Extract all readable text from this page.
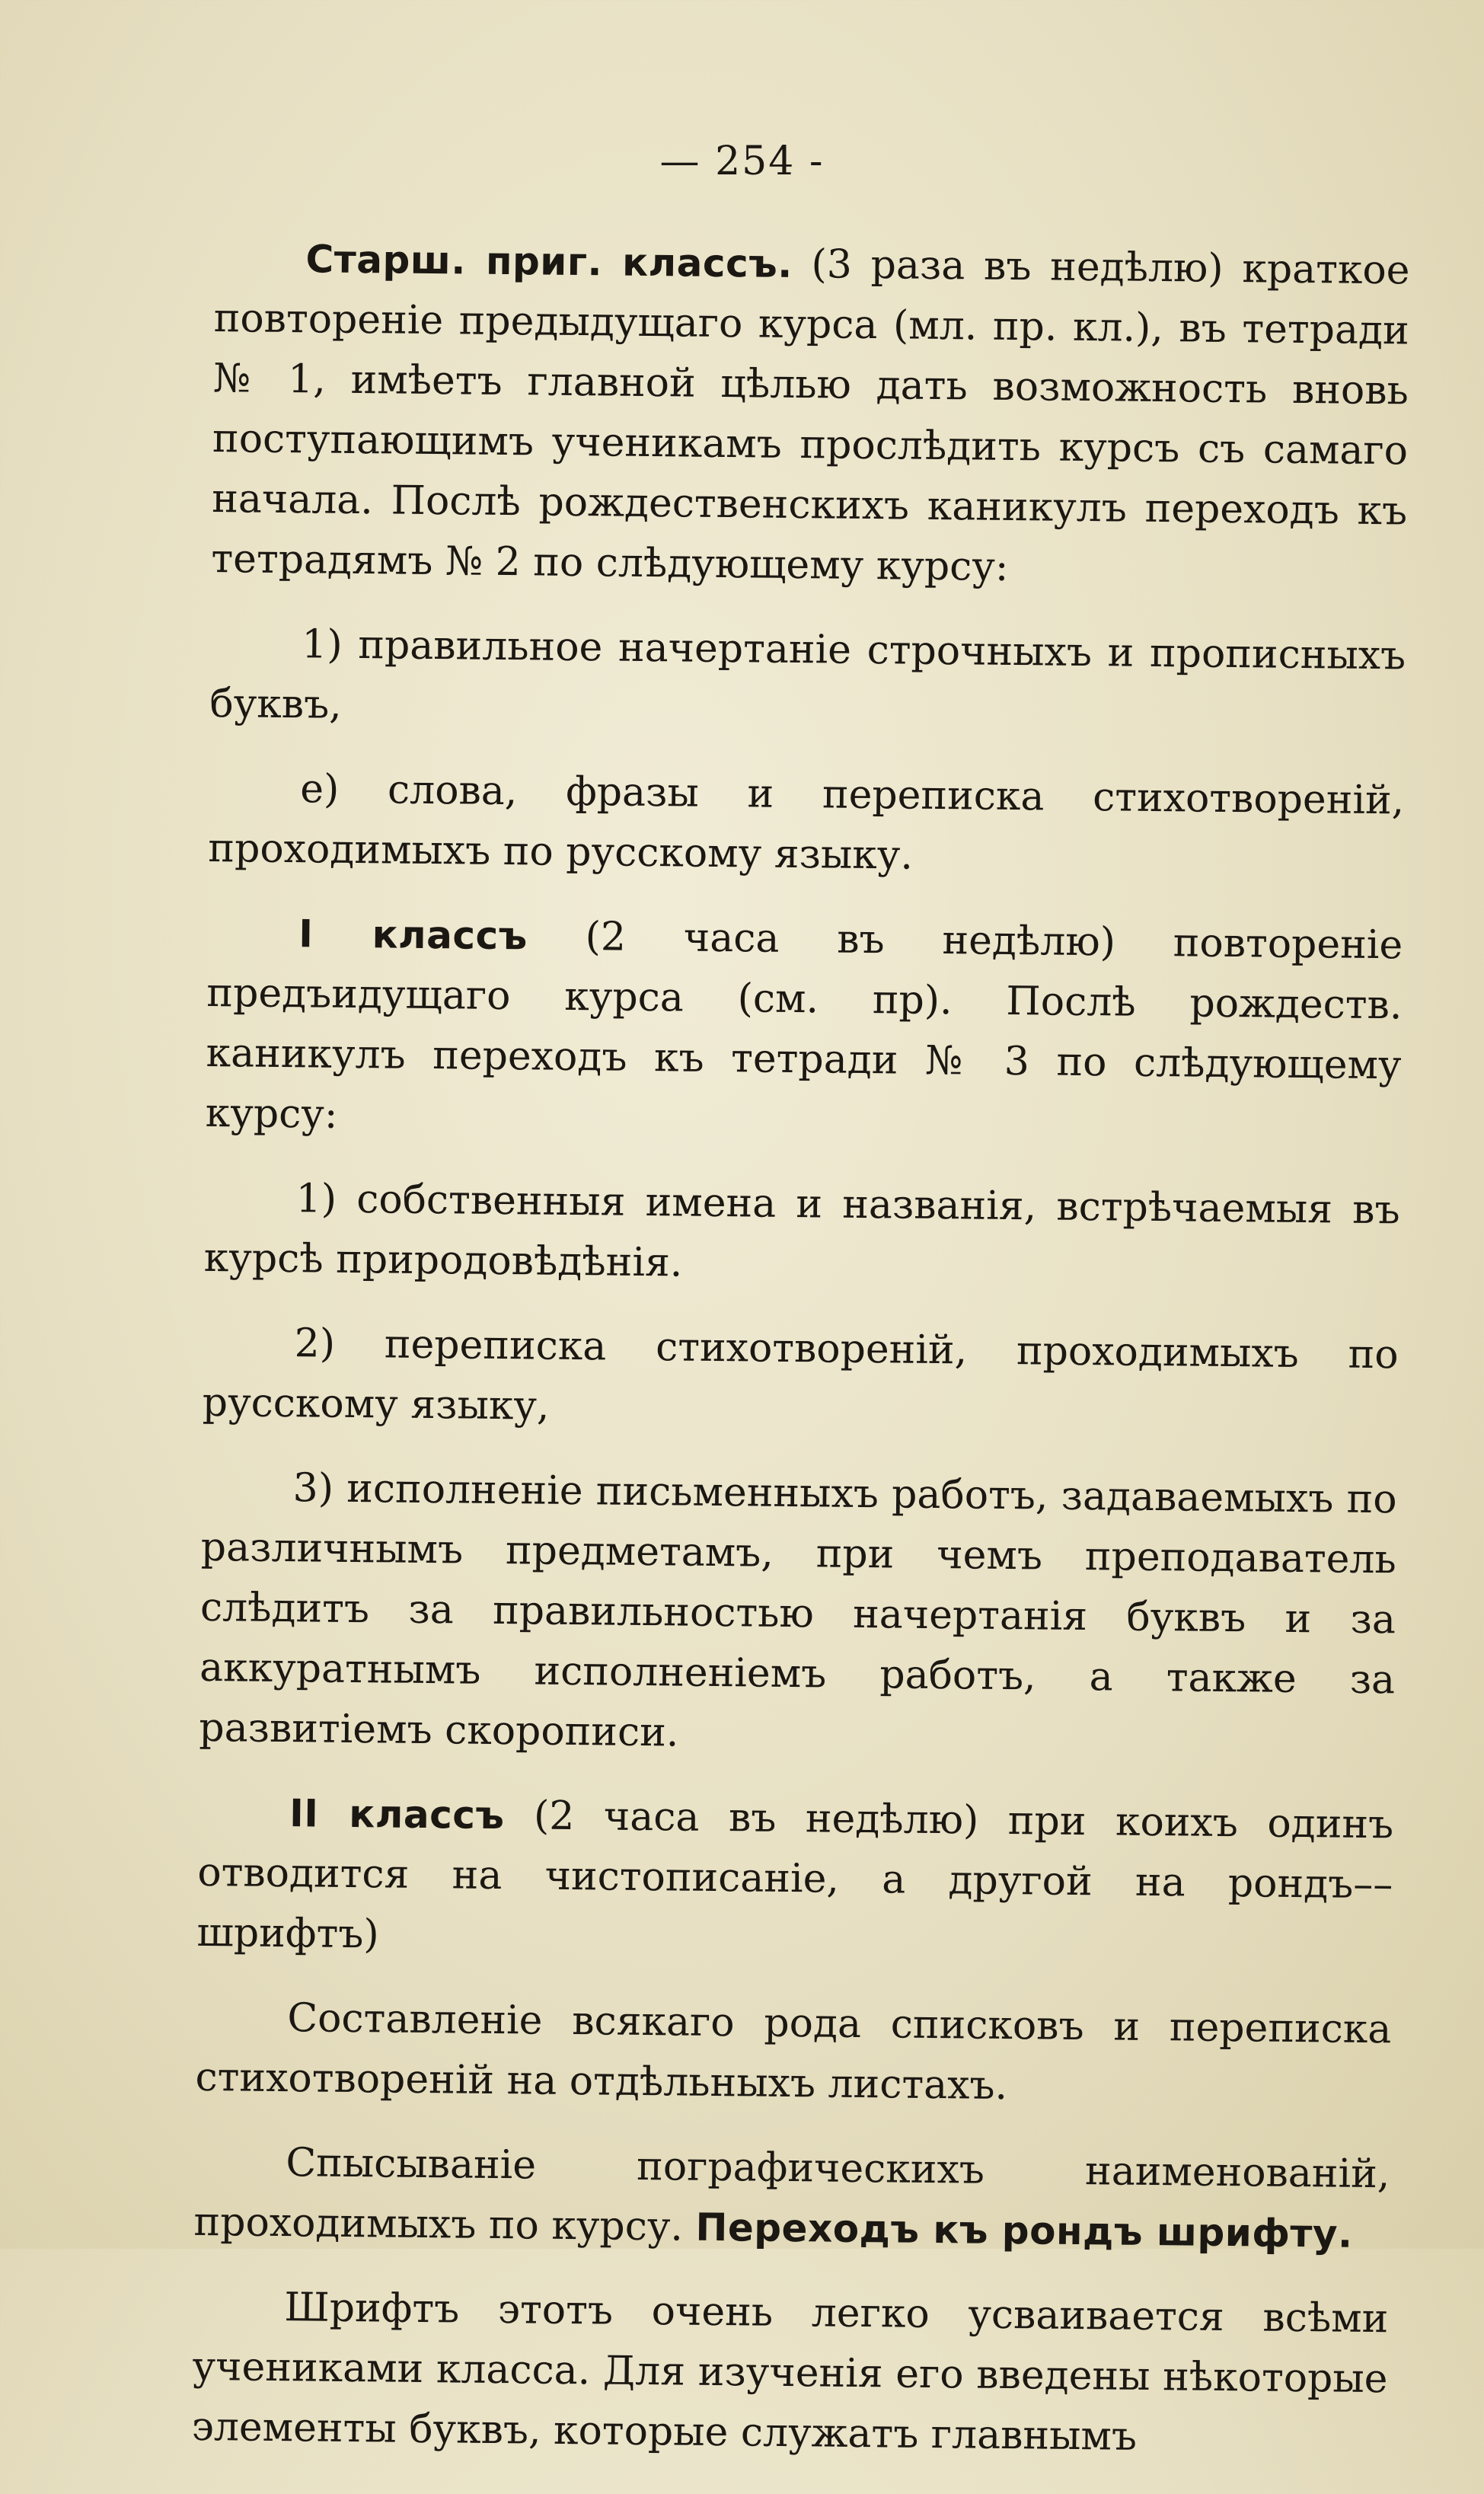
— 254 -

Старш. приг. классъ. (3 раза въ недѣлю) краткое повтореніе предыдущаго курса (мл. пр. кл.), въ тетради № 1, имѣетъ главной цѣлью дать возможность вновь поступающимъ ученикамъ прослѣдить курсъ съ самаго начала. Послѣ рождественскихъ каникулъ переходъ къ тетрадямъ № 2 по слѣдующему курсу:

1) правильное начертаніе строчныхъ и прописныхъ буквъ,

е) слова, фразы и переписка стихотвореній, проходимыхъ по русскому языку.

I классъ (2 часа въ недѣлю) повтореніе предъидущаго курса (см. пр). Послѣ рождеств. каникулъ переходъ къ тетради № 3 по слѣдующему курсу:

1) собственныя имена и названія, встрѣчаемыя въ курсѣ природовѣдѣнія.

2) переписка стихотвореній, проходимыхъ по русскому языку,

3) исполненіе письменныхъ работъ, задаваемыхъ по различнымъ предметамъ, при чемъ преподаватель слѣдитъ за правильностью начертанія буквъ и за аккуратнымъ исполненіемъ работъ, а также за развитіемъ скорописи.

II классъ (2 часа въ недѣлю) при коихъ одинъ отводится на чистописаніе, а другой на рондъ––шрифтъ)

Составленіе всякаго рода списковъ и переписка стихотвореній на отдѣльныхъ листахъ.

Спысываніе пографическихъ наименованій, проходимыхъ по курсу. Переходъ къ рондъ шрифту.

Шрифтъ этотъ очень легко усваивается всѣми учениками класса. Для изученія его введены нѣкоторые элементы буквъ, которые служатъ главнымъ
